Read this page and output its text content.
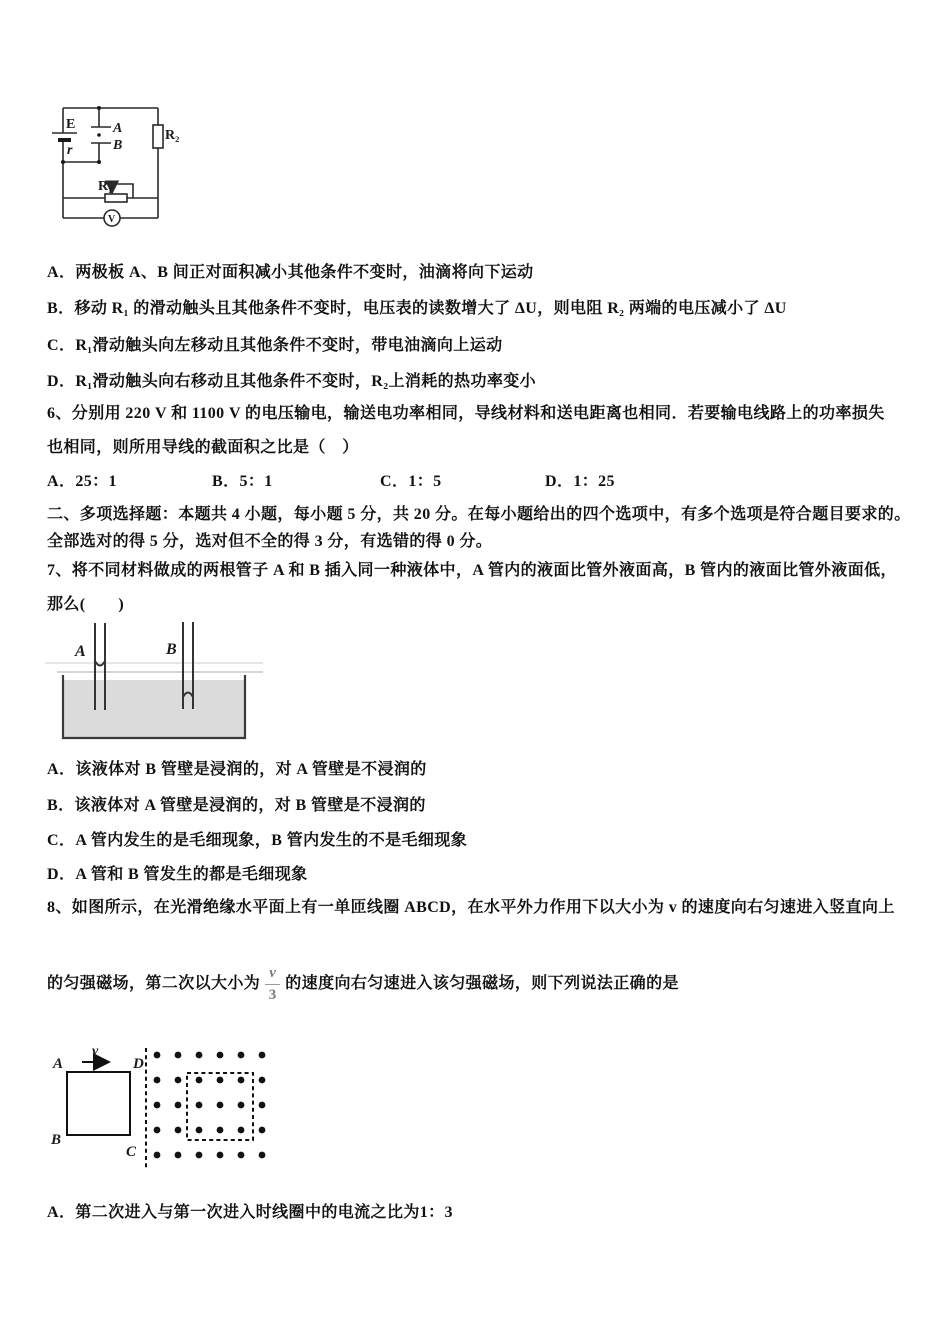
E
r
A
B
R₂
R₁
V
A．两极板 A、B 间正对面积减小其他条件不变时，油滴将向下运动
B．移动 R₁ 的滑动触头且其他条件不变时，电压表的读数增大了 ΔU，则电阻 R₂ 两端的电压减小了 ΔU
C．R₁滑动触头向左移动且其他条件不变时，带电油滴向上运动
D．R₁滑动触头向右移动且其他条件不变时，R₂上消耗的热功率变小
6、分别用 220 V 和 1100 V 的电压输电，输送电功率相同，导线材料和送电距离也相同．若要输电线路上的功率损失
也相同，则所用导线的截面积之比是（　）
A．25：1	B．5：1	C．1：5	D．1：25
二、多项选择题：本题共 4 小题，每小题 5 分，共 20 分。在每小题给出的四个选项中，有多个选项是符合题目要求的。
全部选对的得 5 分，选对但不全的得 3 分，有选错的得 0 分。
7、将不同材料做成的两根管子 A 和 B 插入同一种液体中，A 管内的液面比管外液面高，B 管内的液面比管外液面低，
那么(　　)
A	B
A．该液体对 B 管壁是浸润的，对 A 管壁是不浸润的
B．该液体对 A 管壁是浸润的，对 B 管壁是不浸润的
C．A 管内发生的是毛细现象，B 管内发生的不是毛细现象
D．A 管和 B 管发生的都是毛细现象
8、如图所示，在光滑绝缘水平面上有一单匝线圈 ABCD，在水平外力作用下以大小为 v 的速度向右匀速进入竖直向上
的匀强磁场，第二次以大小为 $\frac{v}{3}$ 的速度向右匀速进入该匀强磁场，则下列说法正确的是
A	D
B
C
v
A．第二次进入与第一次进入时线圈中的电流之比为1：3
